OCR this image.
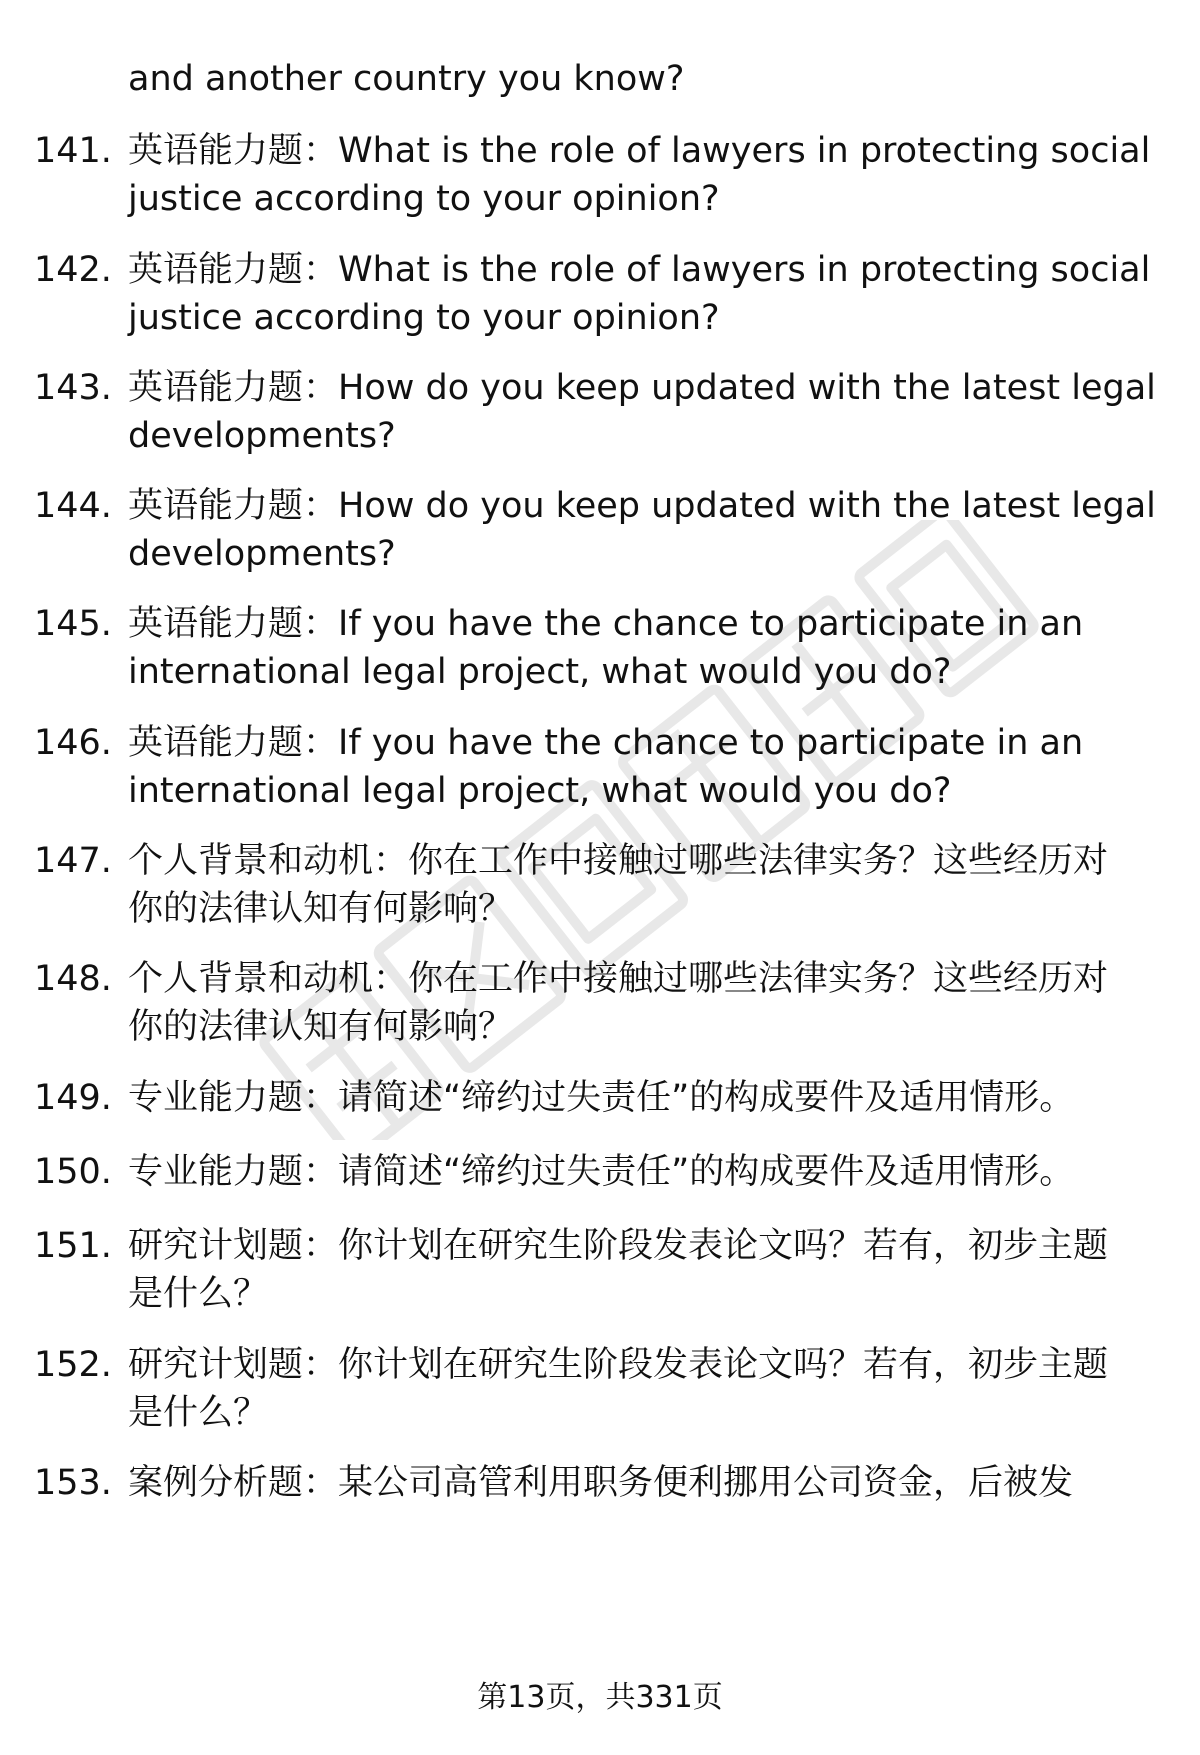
and another country you know?
141. 英语能力题：What is the role of lawyers in protecting social
justice according to your opinion?
142. 英语能力题：What is the role of lawyers in protecting social
justice according to your opinion?
143. 英语能力题：How do you keep updated with the latest legal
developments?
144. 英语能力题：How do you keep updated with the latest legal
developments?
145. 英语能力题：If you have the chance to participate in an
international legal project, what would you do?
146. 英语能力题：If you have the chance to participate in an
international legal project, what would you do?
147. 个人背景和动机：你在工作中接触过哪些法律实务？这些经历对
你的法律认知有何影响？
148. 个人背景和动机：你在工作中接触过哪些法律实务？这些经历对
你的法律认知有何影响？
149. 专业能力题：请简述“缔约过失责任”的构成要件及适用情形。
150. 专业能力题：请简述“缔约过失责任”的构成要件及适用情形。
151. 研究计划题：你计划在研究生阶段发表论文吗？若有，初步主题
是什么？
152. 研究计划题：你计划在研究生阶段发表论文吗？若有，初步主题
是什么？
153. 案例分析题：某公司高管利用职务便利挪用公司资金，后被发
第13页，共331页
